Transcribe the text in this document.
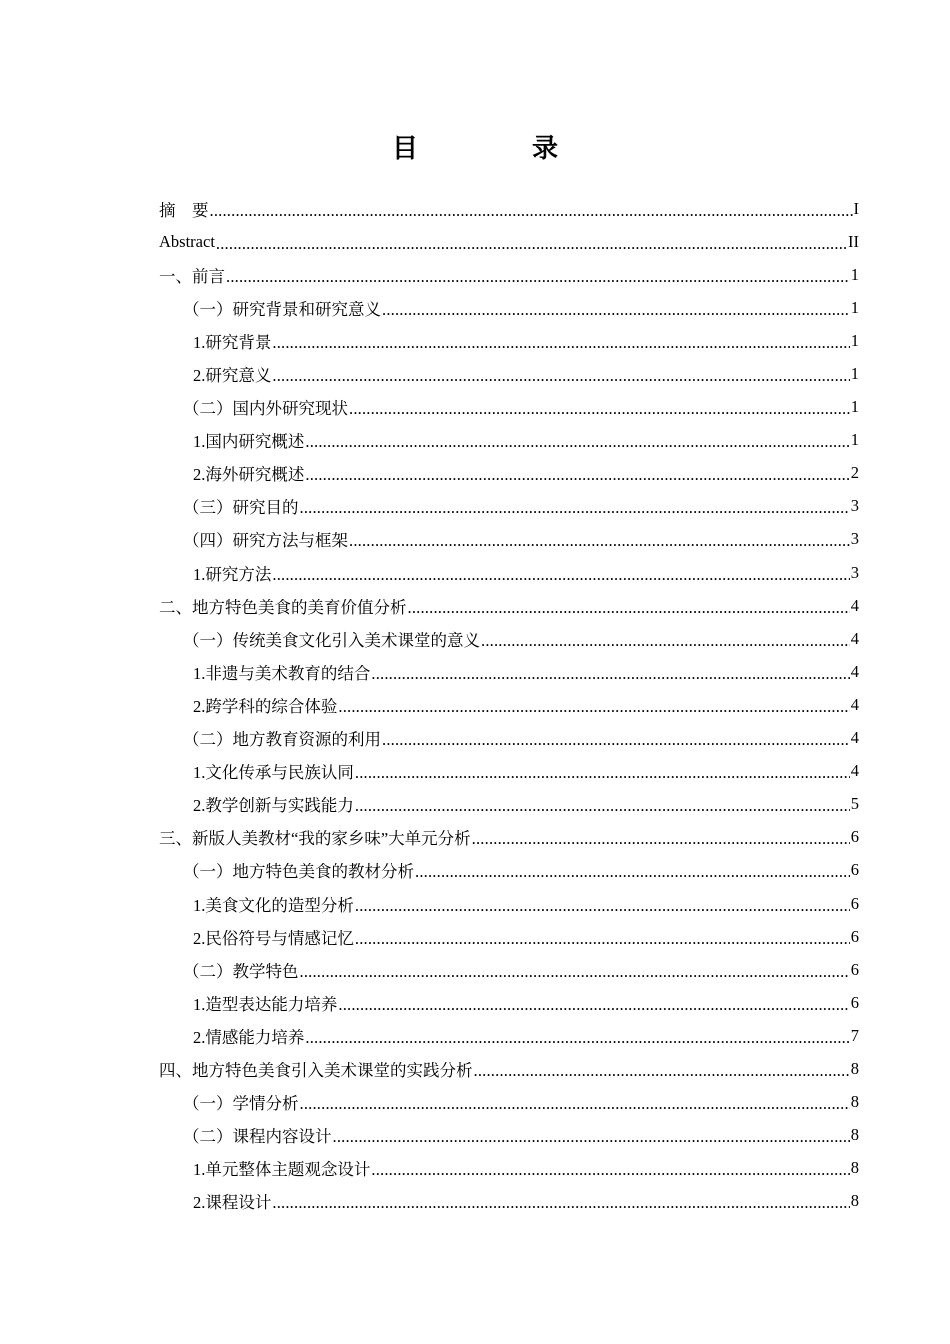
目　录
摘　要 .....	I
Abstract .....	II
一、前言 .....	1
（一）研究背景和研究意义 .....	1
1.研究背景 .....	1
2.研究意义 .....	1
（二）国内外研究现状 .....	1
1.国内研究概述 .....	1
2.海外研究概述 .....	2
（三）研究目的 .....	3
（四）研究方法与框架 .....	3
1.研究方法 .....	3
二、地方特色美食的美育价值分析 .....	4
（一）传统美食文化引入美术课堂的意义 .....	4
1.非遗与美术教育的结合 .....	4
2.跨学科的综合体验 .....	4
（二）地方教育资源的利用 .....	4
1.文化传承与民族认同 .....	4
2.教学创新与实践能力 .....	5
三、新版人美教材“我的家乡味”大单元分析 .....	6
（一）地方特色美食的教材分析 .....	6
1.美食文化的造型分析 .....	6
2.民俗符号与情感记忆 .....	6
（二）教学特色 .....	6
1.造型表达能力培养 .....	6
2.情感能力培养 .....	7
四、地方特色美食引入美术课堂的实践分析 .....	8
（一）学情分析 .....	8
（二）课程内容设计 .....	8
1.单元整体主题观念设计 .....	8
2.课程设计 .....	8
